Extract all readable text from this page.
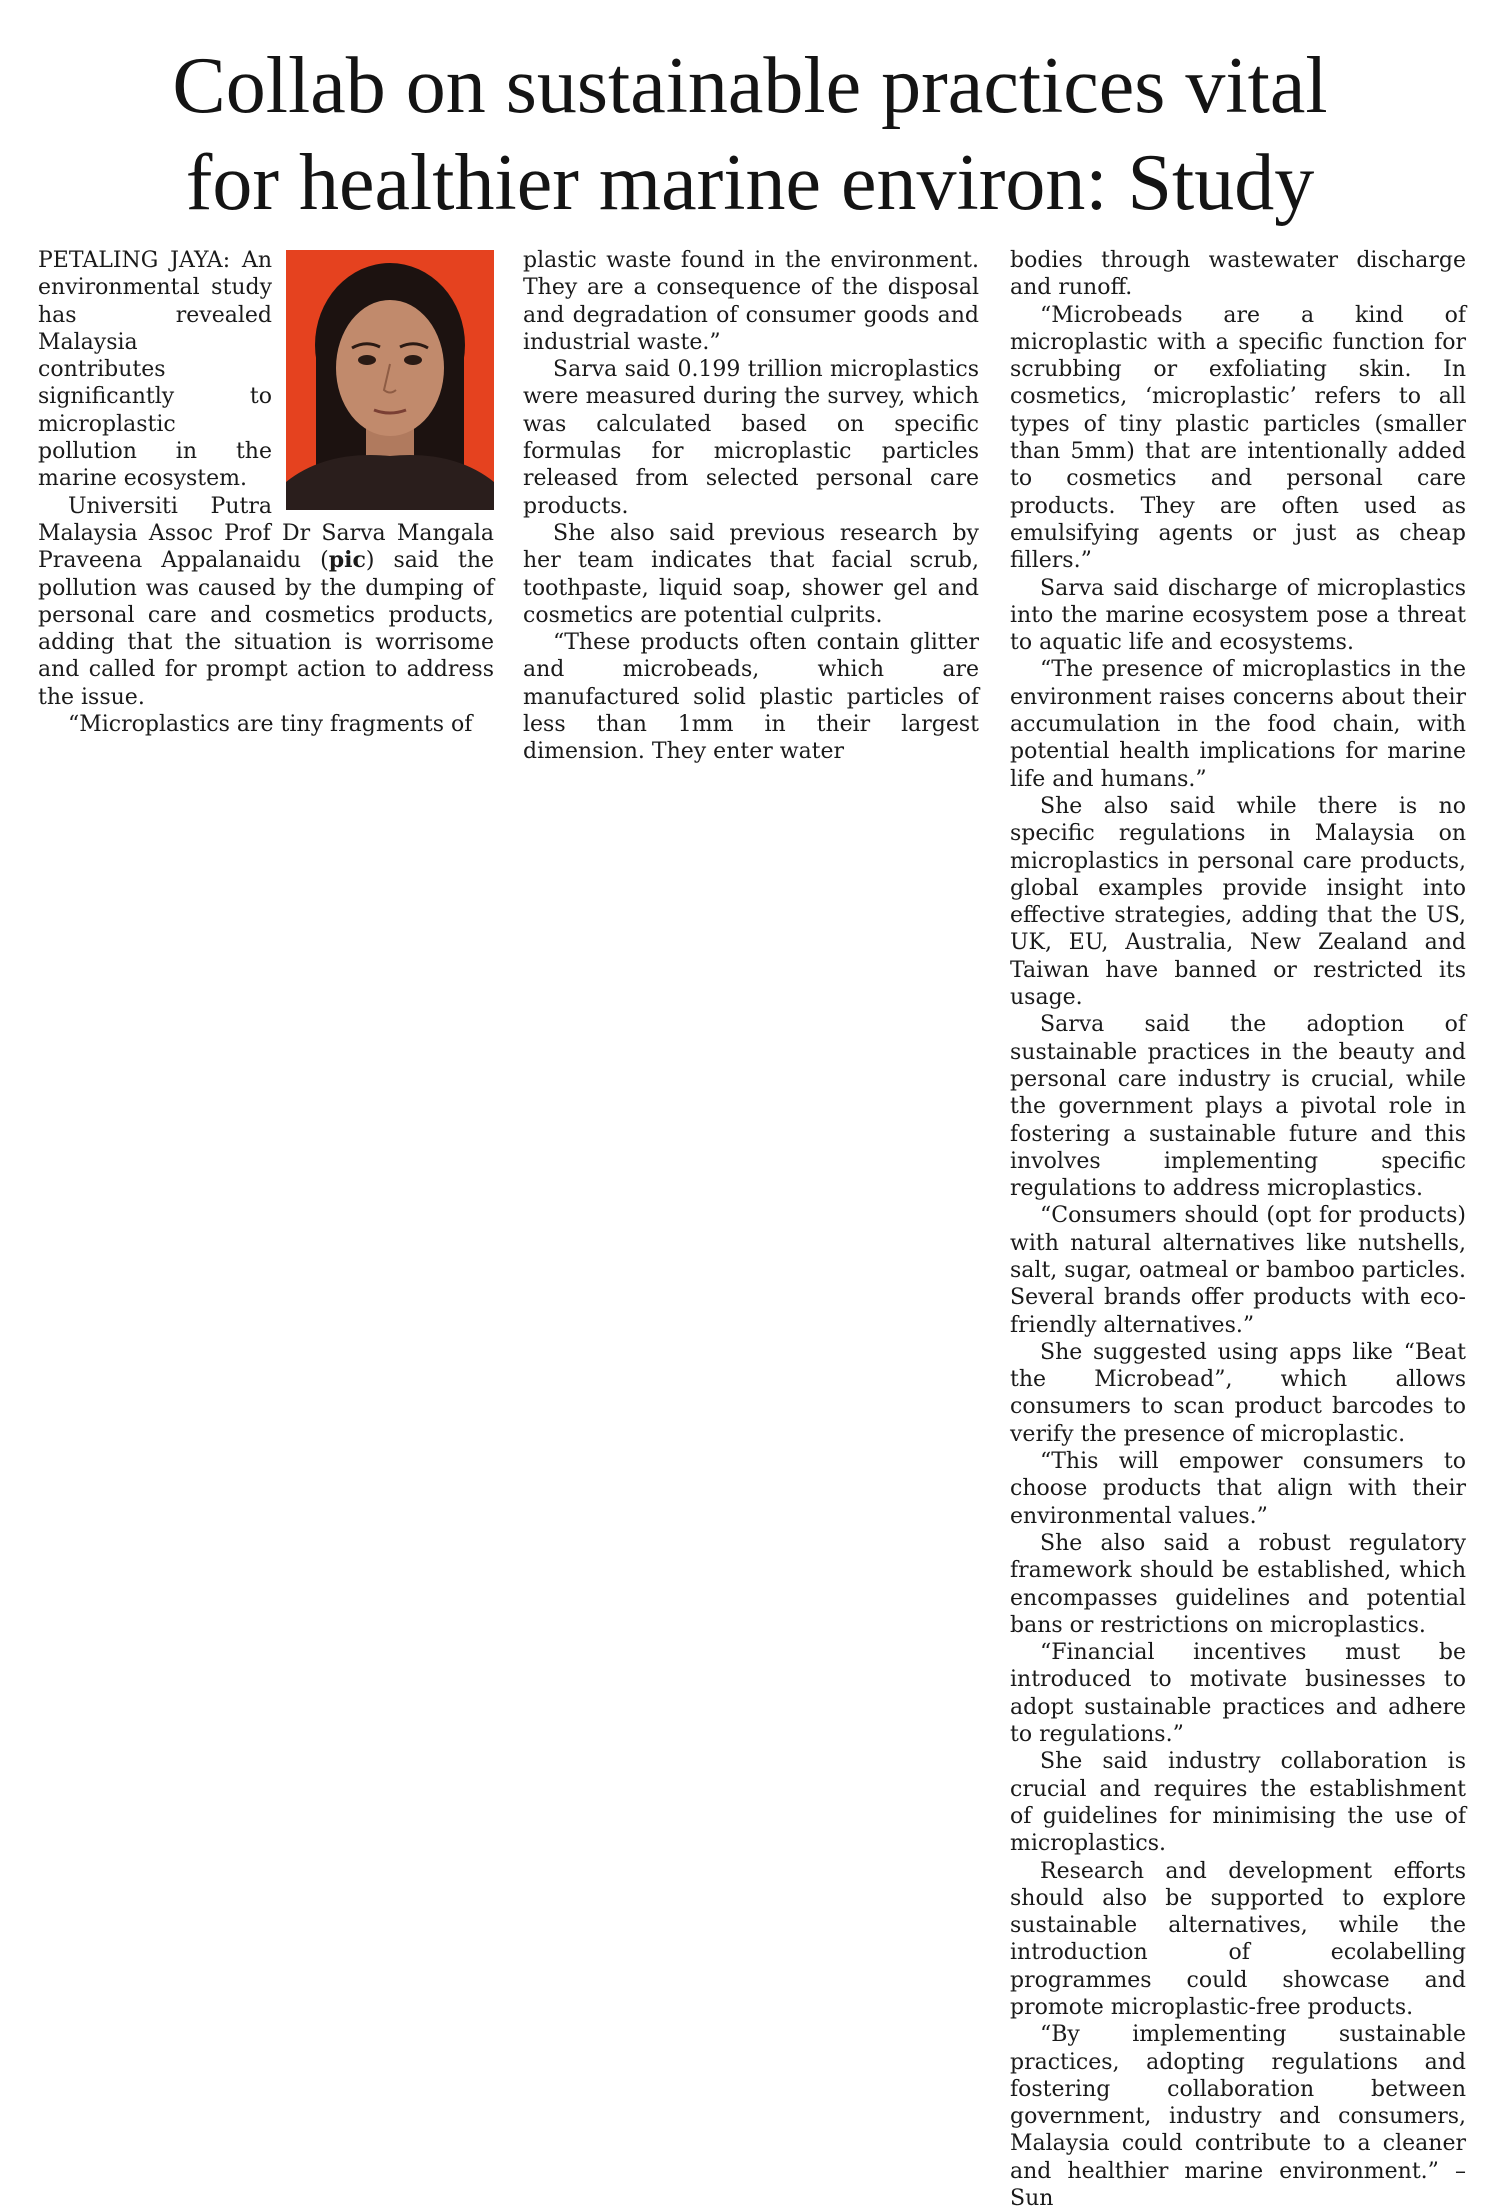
Collab on sustainable practices vital
for healthier marine environ: Study

PETALING JAYA: An environmental study has revealed Malaysia contributes significantly to microplastic pollution in the marine ecosystem.

Universiti Putra Malaysia Assoc Prof Dr Sarva Mangala Praveena Appalanaidu (pic) said the pollution was caused by the dumping of personal care and cosmetics products, adding that the situation is worrisome and called for prompt action to address the issue.

“Microplastics are tiny fragments of

plastic waste found in the environment. They are a consequence of the disposal and degradation of consumer goods and industrial waste.”

Sarva said 0.199 trillion microplastics were measured during the survey, which was calculated based on specific formulas for microplastic particles released from selected personal care products.

She also said previous research by her team indicates that facial scrub, toothpaste, liquid soap, shower gel and cosmetics are potential culprits.

“These products often contain glitter and microbeads, which are manufactured solid plastic particles of less than 1mm in their largest dimension. They enter water

bodies through wastewater discharge and runoff.

“Microbeads are a kind of microplastic with a specific function for scrubbing or exfoliating skin. In cosmetics, ‘microplastic’ refers to all types of tiny plastic particles (smaller than 5mm) that are intentionally added to cosmetics and personal care products. They are often used as emulsifying agents or just as cheap fillers.”

Sarva said discharge of microplastics into the marine ecosystem pose a threat to aquatic life and ecosystems.

“The presence of microplastics in the environment raises concerns about their accumulation in the food chain, with potential health implications for marine life and humans.”

She also said while there is no specific regulations in Malaysia on microplastics in personal care products, global examples provide insight into effective strategies, adding that the US, UK, EU, Australia, New Zealand and Taiwan have banned or restricted its usage.

Sarva said the adoption of sustainable practices in the beauty and personal care industry is crucial, while the government plays a pivotal role in fostering a sustainable future and this involves implementing specific regulations to address microplastics.

“Consumers should (opt for products) with natural alternatives like nutshells, salt, sugar, oatmeal or bamboo particles. Several brands offer products with eco-friendly alternatives.”

She suggested using apps like “Beat the Microbead”, which allows consumers to scan product barcodes to verify the presence of microplastic.

“This will empower consumers to choose products that align with their environmental values.”

She also said a robust regulatory framework should be established, which encompasses guidelines and potential bans or restrictions on microplastics.

“Financial incentives must be introduced to motivate businesses to adopt sustainable practices and adhere to regulations.”

She said industry collaboration is crucial and requires the establishment of guidelines for minimising the use of microplastics.

Research and development efforts should also be supported to explore sustainable alternatives, while the introduction of ecolabelling programmes could showcase and promote microplastic-free products.

“By implementing sustainable practices, adopting regulations and fostering collaboration between government, industry and consumers, Malaysia could contribute to a cleaner and healthier marine environment.” – Sun
